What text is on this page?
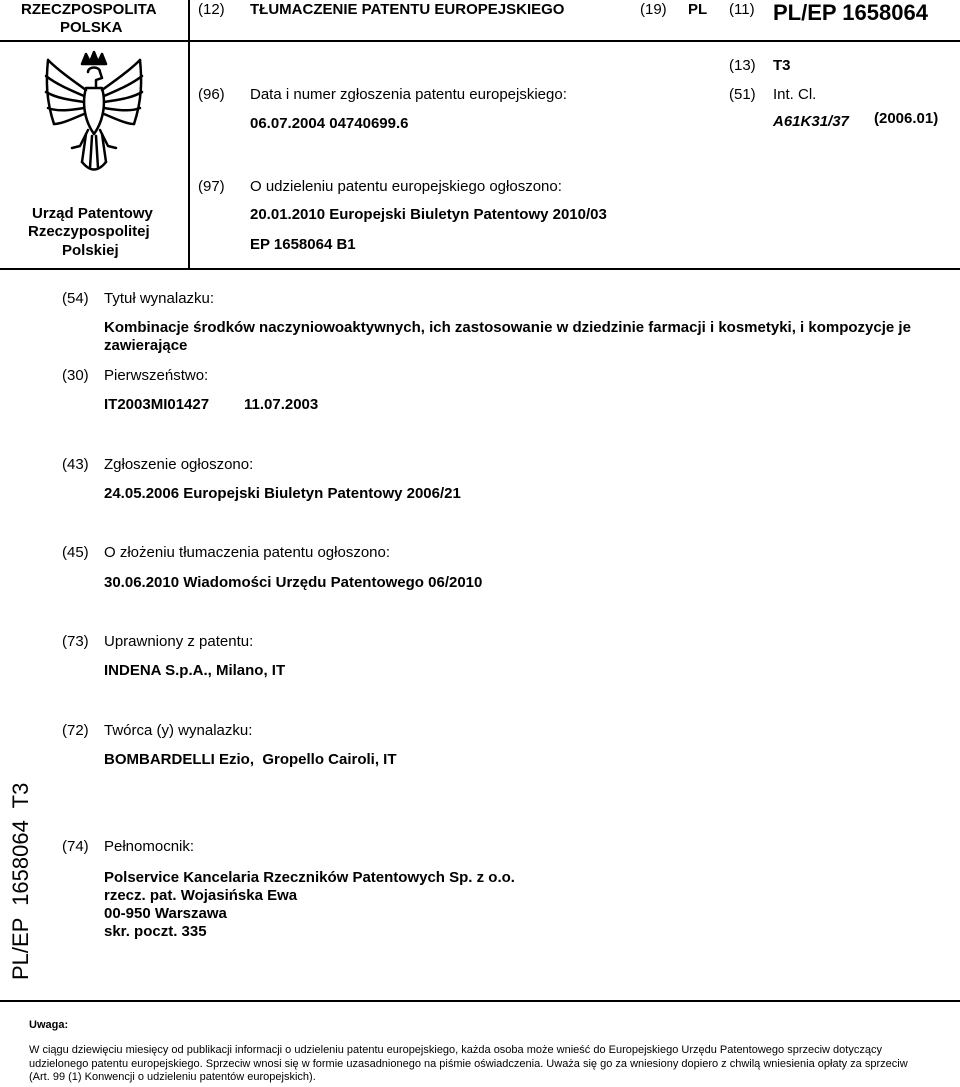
RZECZPOSPOLITA
POLSKA
(12) TŁUMACZENIE PATENTU EUROPEJSKIEGO	(19) PL (11) PL/EP 1658064
Urząd Patentowy
Rzeczypospolitej
Polskiej
(13) T3
(96) Data i numer zgłoszenia patentu europejskiego:
06.07.2004 04740699.6
(51) Int. Cl.
A61K31/37 (2006.01)
(97) O udzieleniu patentu europejskiego ogłoszono:
20.01.2010 Europejski Biuletyn Patentowy 2010/03
EP 1658064 B1
(54) Tytuł wynalazku:
Kombinacje środków naczyniowoaktywnych, ich zastosowanie w dziedzinie farmacji i kosmetyki, i kompozycje je zawierające
(30) Pierwszeństwo:
IT2003MI01427 11.07.2003
(43) Zgłoszenie ogłoszono:
24.05.2006 Europejski Biuletyn Patentowy 2006/21
(45) O złożeniu tłumaczenia patentu ogłoszono:
30.06.2010 Wiadomości Urzędu Patentowego 06/2010
(73) Uprawniony z patentu:
INDENA S.p.A., Milano, IT
(72) Twórca (y) wynalazku:
BOMBARDELLI Ezio,  Gropello Cairoli, IT
(74) Pełnomocnik:
Polservice Kancelaria Rzeczników Patentowych Sp. z o.o.
rzecz. pat. Wojasińska Ewa
00-950 Warszawa
skr. poczt. 335
PL/EP  1658064  T3
Uwaga:
W ciągu dziewięciu miesięcy od publikacji informacji o udzieleniu patentu europejskiego, każda osoba może wnieść do Europejskiego Urzędu Patentowego sprzeciw dotyczący udzielonego patentu europejskiego. Sprzeciw wnosi się w formie uzasadnionego na piśmie oświadczenia. Uważa się go za wniesiony dopiero z chwilą wniesienia opłaty za sprzeciw (Art. 99 (1) Konwencji o udzieleniu patentów europejskich).
